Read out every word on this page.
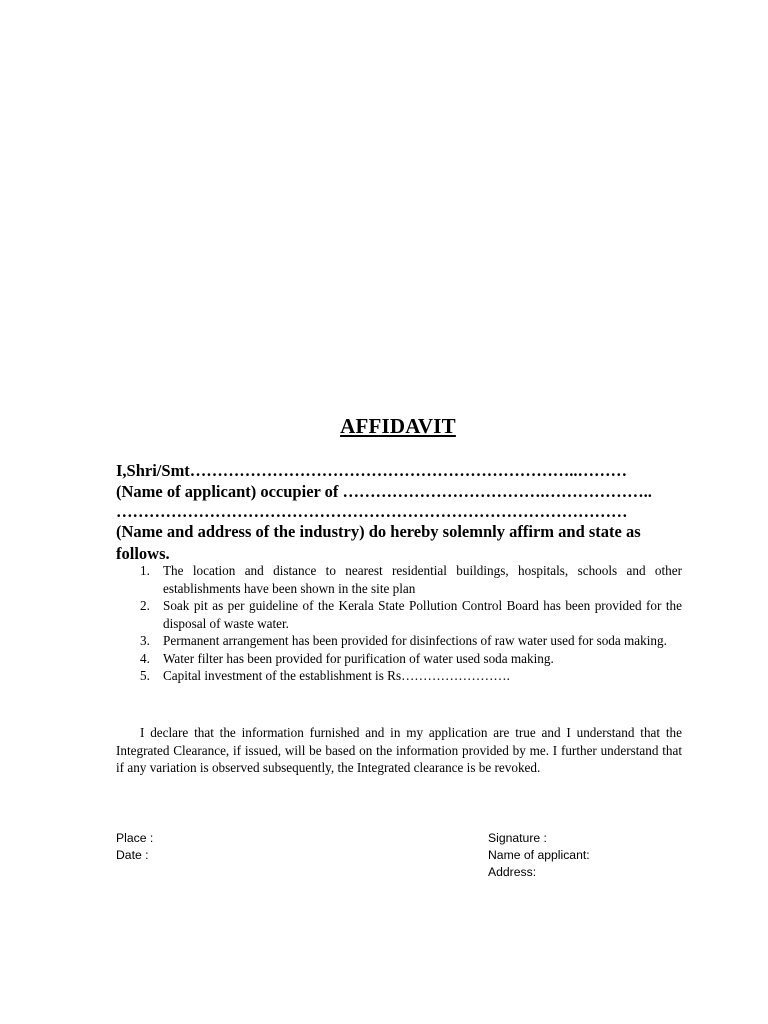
AFFIDAVIT
I,Shri/Smt……………………………………………………………..………
(Name of applicant) occupier of ……………………………….………………..
…………………………………………………………………………………
(Name and address of the industry) do hereby solemnly affirm and state as
follows.
1. The location and distance to nearest residential buildings, hospitals, schools and other establishments have been shown in the site plan
2. Soak pit as per guideline of the Kerala State Pollution Control Board has been provided for the disposal of waste water.
3. Permanent arrangement has been provided for disinfections of raw water used for soda making.
4. Water filter has been provided for purification of water used soda making.
5. Capital investment of the establishment is Rs…………………….

I declare that the information furnished and in my application are true and I understand that the Integrated Clearance, if issued, will be based on the information provided by me. I further understand that if any variation is observed subsequently, the Integrated clearance is be revoked.

Place :
Date :
Signature :
Name of applicant:
Address:
